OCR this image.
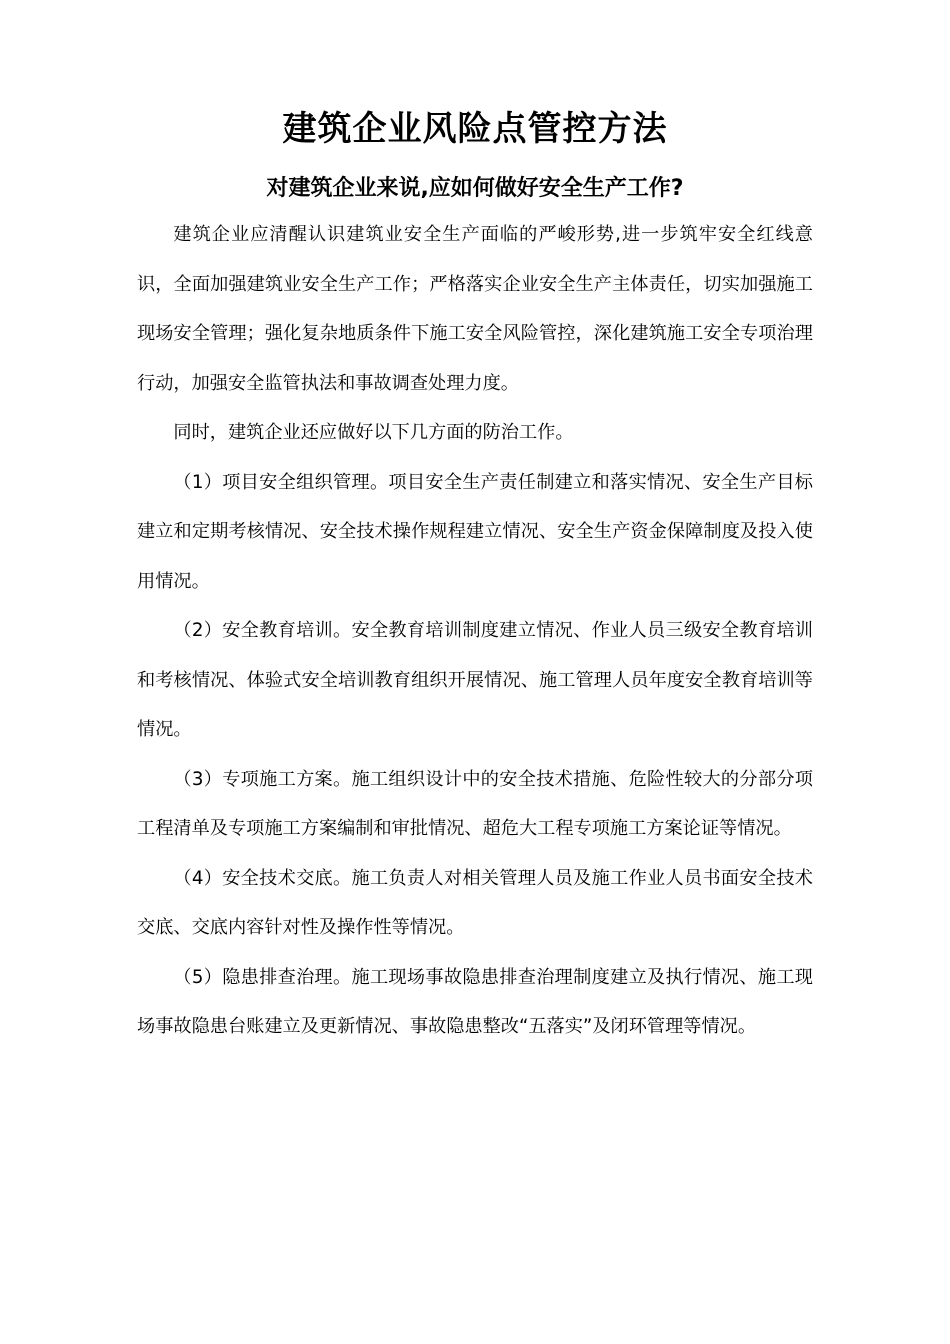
建筑企业风险点管控方法
对建筑企业来说,应如何做好安全生产工作?

建筑企业应清醒认识建筑业安全生产面临的严峻形势,进一步筑牢安全红线意识，全面加强建筑业安全生产工作；严格落实企业安全生产主体责任，切实加强施工现场安全管理；强化复杂地质条件下施工安全风险管控，深化建筑施工安全专项治理行动，加强安全监管执法和事故调查处理力度。

同时，建筑企业还应做好以下几方面的防治工作。

（1）项目安全组织管理。项目安全生产责任制建立和落实情况、安全生产目标建立和定期考核情况、安全技术操作规程建立情况、安全生产资金保障制度及投入使用情况。

（2）安全教育培训。安全教育培训制度建立情况、作业人员三级安全教育培训和考核情况、体验式安全培训教育组织开展情况、施工管理人员年度安全教育培训等情况。

（3）专项施工方案。施工组织设计中的安全技术措施、危险性较大的分部分项工程清单及专项施工方案编制和审批情况、超危大工程专项施工方案论证等情况。

（4）安全技术交底。施工负责人对相关管理人员及施工作业人员书面安全技术交底、交底内容针对性及操作性等情况。

（5）隐患排查治理。施工现场事故隐患排查治理制度建立及执行情况、施工现场事故隐患台账建立及更新情况、事故隐患整改“五落实”及闭环管理等情况。
